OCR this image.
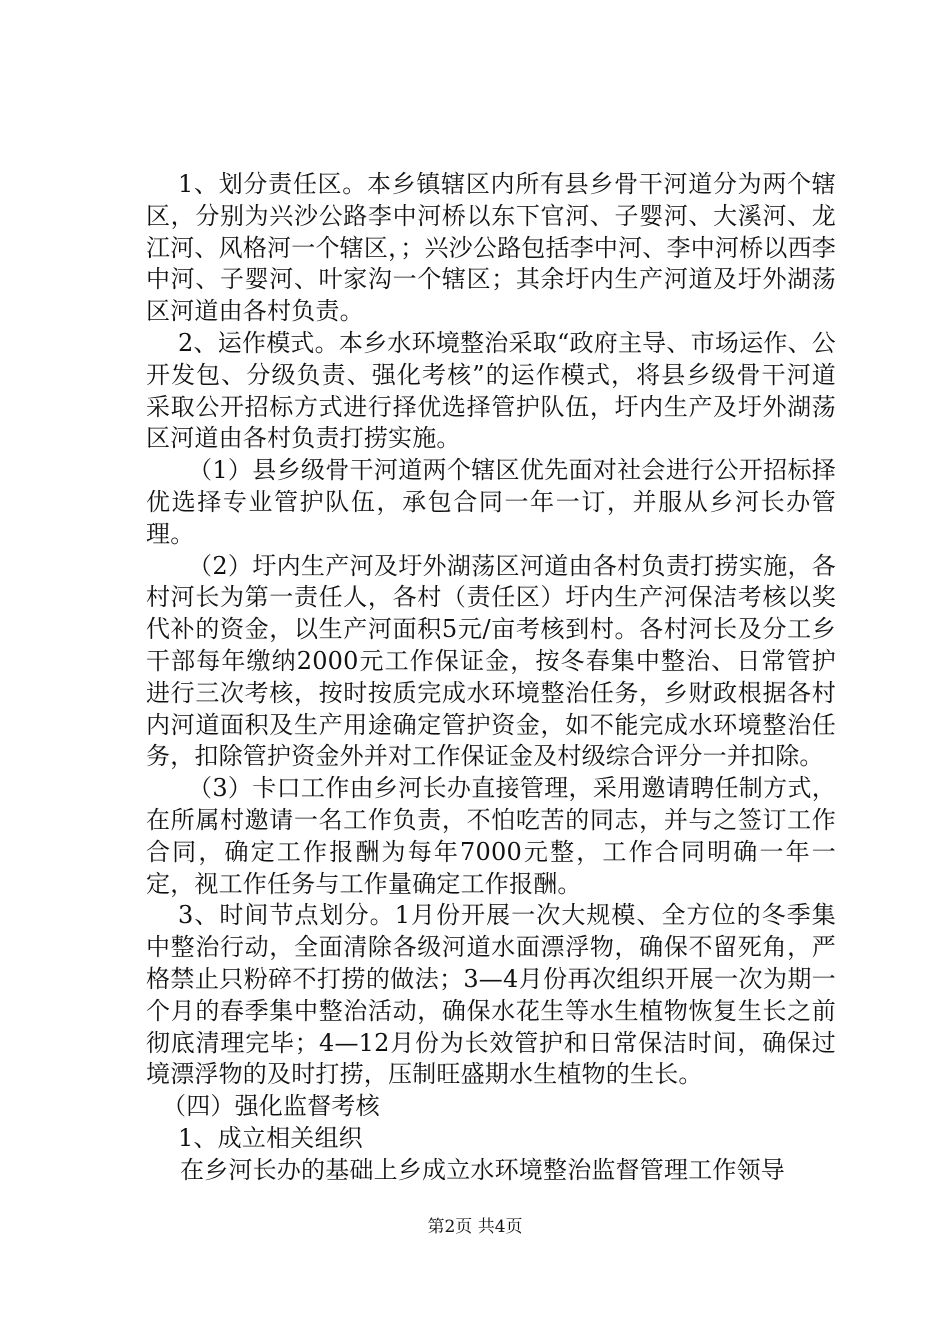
1、划分责任区。本乡镇辖区内所有县乡骨干河道分为两个辖区，分别为兴沙公路李中河桥以东下官河、子婴河、大溪河、龙江河、风格河一个辖区，；兴沙公路包括李中河、李中河桥以西李中河、子婴河、叶家沟一个辖区；其余圩内生产河道及圩外湖荡区河道由各村负责。

2、运作模式。本乡水环境整治采取“政府主导、市场运作、公开发包、分级负责、强化考核”的运作模式，将县乡级骨干河道采取公开招标方式进行择优选择管护队伍，圩内生产及圩外湖荡区河道由各村负责打捞实施。

（1）县乡级骨干河道两个辖区优先面对社会进行公开招标择优选择专业管护队伍，承包合同一年一订，并服从乡河长办管理。

（2）圩内生产河及圩外湖荡区河道由各村负责打捞实施，各村河长为第一责任人，各村（责任区）圩内生产河保洁考核以奖代补的资金，以生产河面积5元/亩考核到村。各村河长及分工乡干部每年缴纳2000元工作保证金，按冬春集中整治、日常管护进行三次考核，按时按质完成水环境整治任务，乡财政根据各村内河道面积及生产用途确定管护资金，如不能完成水环境整治任务，扣除管护资金外并对工作保证金及村级综合评分一并扣除。

（3）卡口工作由乡河长办直接管理，采用邀请聘任制方式，在所属村邀请一名工作负责，不怕吃苦的同志，并与之签订工作合同，确定工作报酬为每年7000元整，工作合同明确一年一定，视工作任务与工作量确定工作报酬。

3、时间节点划分。1月份开展一次大规模、全方位的冬季集中整治行动，全面清除各级河道水面漂浮物，确保不留死角，严格禁止只粉碎不打捞的做法；3—4月份再次组织开展一次为期一个月的春季集中整治活动，确保水花生等水生植物恢复生长之前彻底清理完毕；4—12月份为长效管护和日常保洁时间，确保过境漂浮物的及时打捞，压制旺盛期水生植物的生长。

（四）强化监督考核

1、成立相关组织

在乡河长办的基础上乡成立水环境整治监督管理工作领导

第2页 共4页
